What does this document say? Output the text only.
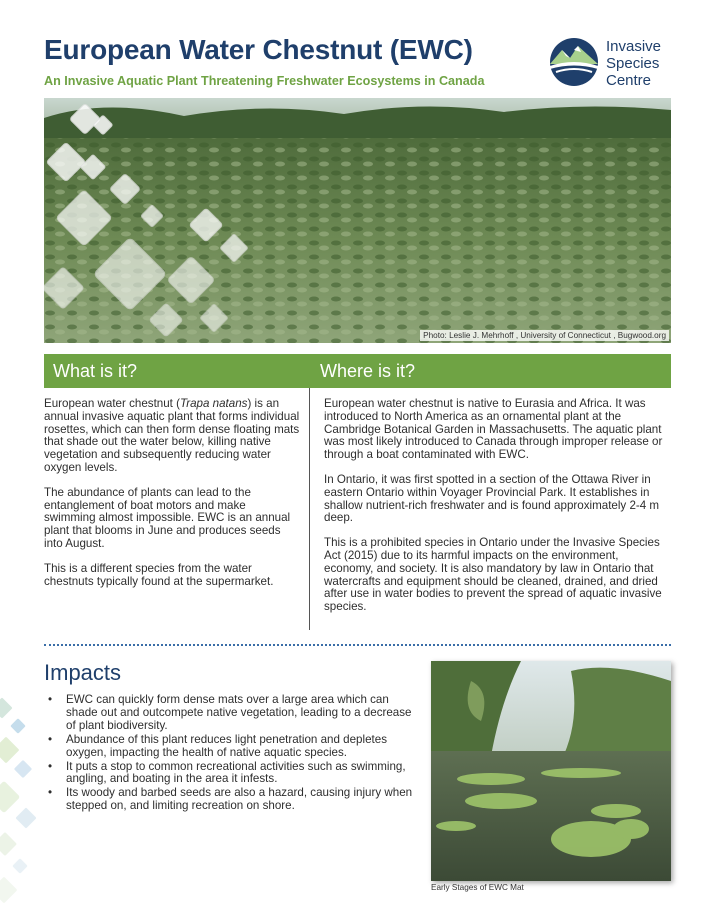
European Water Chestnut (EWC)
An Invasive Aquatic Plant Threatening Freshwater Ecosystems in Canada
Invasive
Species
Centre
Photo: Leslie J. Mehrhoff , University of Connecticut , Bugwood.org
What is it?	Where is it?

European water chestnut (Trapa natans) is an annual invasive aquatic plant that forms individual rosettes, which can then form dense floating mats that shade out the water below, killing native vegetation and subsequently reducing water oxygen levels.

The abundance of plants can lead to the entanglement of boat motors and make swimming almost impossible. EWC is an annual plant that blooms in June and produces seeds into August.

This is a different species from the water chestnuts typically found at the supermarket.

European water chestnut is native to Eurasia and Africa. It was introduced to North America as an ornamental plant at the Cambridge Botanical Garden in Massachusetts. The aquatic plant was most likely introduced to Canada through improper release or through a boat contaminated with EWC.

In Ontario, it was first spotted in a section of the Ottawa River in eastern Ontario within Voyager Provincial Park. It establishes in shallow nutrient-rich freshwater and is found approximately 2-4 m deep.

This is a prohibited species in Ontario under the Invasive Species Act (2015) due to its harmful impacts on the environment, economy, and society. It is also mandatory by law in Ontario that watercrafts and equipment should be cleaned, drained, and dried after use in water bodies to prevent the spread of aquatic invasive species.

Impacts
• EWC can quickly form dense mats over a large area which can shade out and outcompete native vegetation, leading to a decrease of plant biodiversity.
• Abundance of this plant reduces light penetration and depletes oxygen, impacting the health of native aquatic species.
• It puts a stop to common recreational activities such as swimming, angling, and boating in the area it infests.
• Its woody and barbed seeds are also a hazard, causing injury when stepped on, and limiting recreation on shore.
Early Stages of EWC Mat
